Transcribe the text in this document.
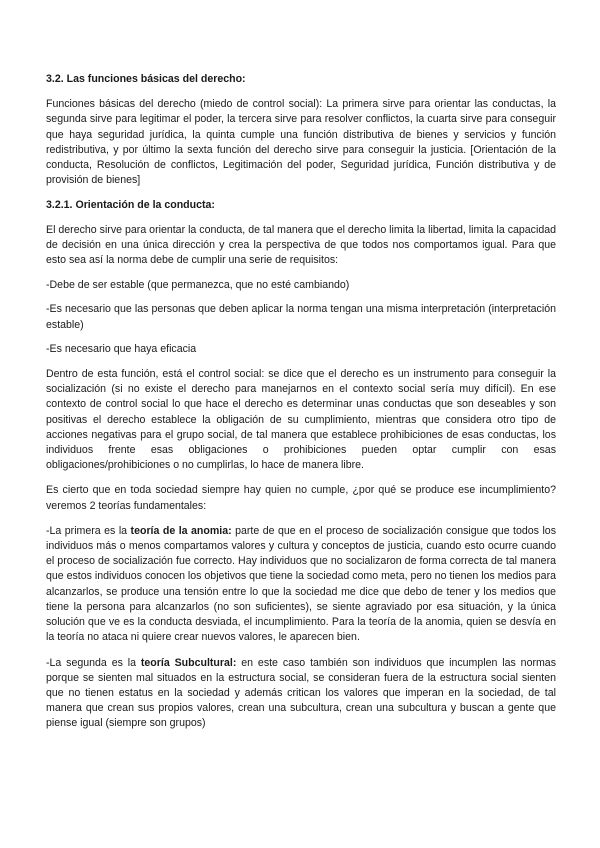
3.2. Las funciones básicas del derecho:

Funciones básicas del derecho (miedo de control social): La primera sirve para orientar las conductas, la segunda sirve para legitimar el poder, la tercera sirve para resolver conflictos, la cuarta sirve para conseguir que haya seguridad jurídica, la quinta cumple una función distributiva de bienes y servicios y función redistributiva, y por último la sexta función del derecho sirve para conseguir la justicia. [Orientación de la conducta, Resolución de conflictos, Legitimación del poder, Seguridad jurídica, Función distributiva y de provisión de bienes]

3.2.1. Orientación de la conducta:

El derecho sirve para orientar la conducta, de tal manera que el derecho limita la libertad, limita la capacidad de decisión en una única dirección y crea la perspectiva de que todos nos comportamos igual. Para que esto sea así la norma debe de cumplir una serie de requisitos:

-Debe de ser estable (que permanezca, que no esté cambiando)

-Es necesario que las personas que deben aplicar la norma tengan una misma interpretación (interpretación estable)

-Es necesario que haya eficacia

Dentro de esta función, está el control social: se dice que el derecho es un instrumento para conseguir la socialización (si no existe el derecho para manejarnos en el contexto social sería muy difícil). En ese contexto de control social lo que hace el derecho es determinar unas conductas que son deseables y son positivas el derecho establece la obligación de su cumplimiento, mientras que considera otro tipo de acciones negativas para el grupo social, de tal manera que establece prohibiciones de esas conductas, los individuos frente esas obligaciones o prohibiciones pueden optar cumplir con esas obligaciones/prohibiciones o no cumplirlas, lo hace de manera libre.

Es cierto que en toda sociedad siempre hay quien no cumple, ¿por qué se produce ese incumplimiento? veremos 2 teorías fundamentales:

-La primera es la teoría de la anomia: parte de que en el proceso de socialización consigue que todos los individuos más o menos compartamos valores y cultura y conceptos de justicia, cuando esto ocurre cuando el proceso de socialización fue correcto. Hay individuos que no socializaron de forma correcta de tal manera que estos individuos conocen los objetivos que tiene la sociedad como meta, pero no tienen los medios para alcanzarlos, se produce una tensión entre lo que la sociedad me dice que debo de tener y los medios que tiene la persona para alcanzarlos (no son suficientes), se siente agraviado por esa situación, y la única solución que ve es la conducta desviada, el incumplimiento. Para la teoría de la anomia, quien se desvía en la teoría no ataca ni quiere crear nuevos valores, le aparecen bien.

-La segunda es la teoría Subcultural: en este caso también son individuos que incumplen las normas porque se sienten mal situados en la estructura social, se consideran fuera de la estructura social sienten que no tienen estatus en la sociedad y además critican los valores que imperan en la sociedad, de tal manera que crean sus propios valores, crean una subcultura, crean una subcultura y buscan a gente que piense igual (siempre son grupos)
